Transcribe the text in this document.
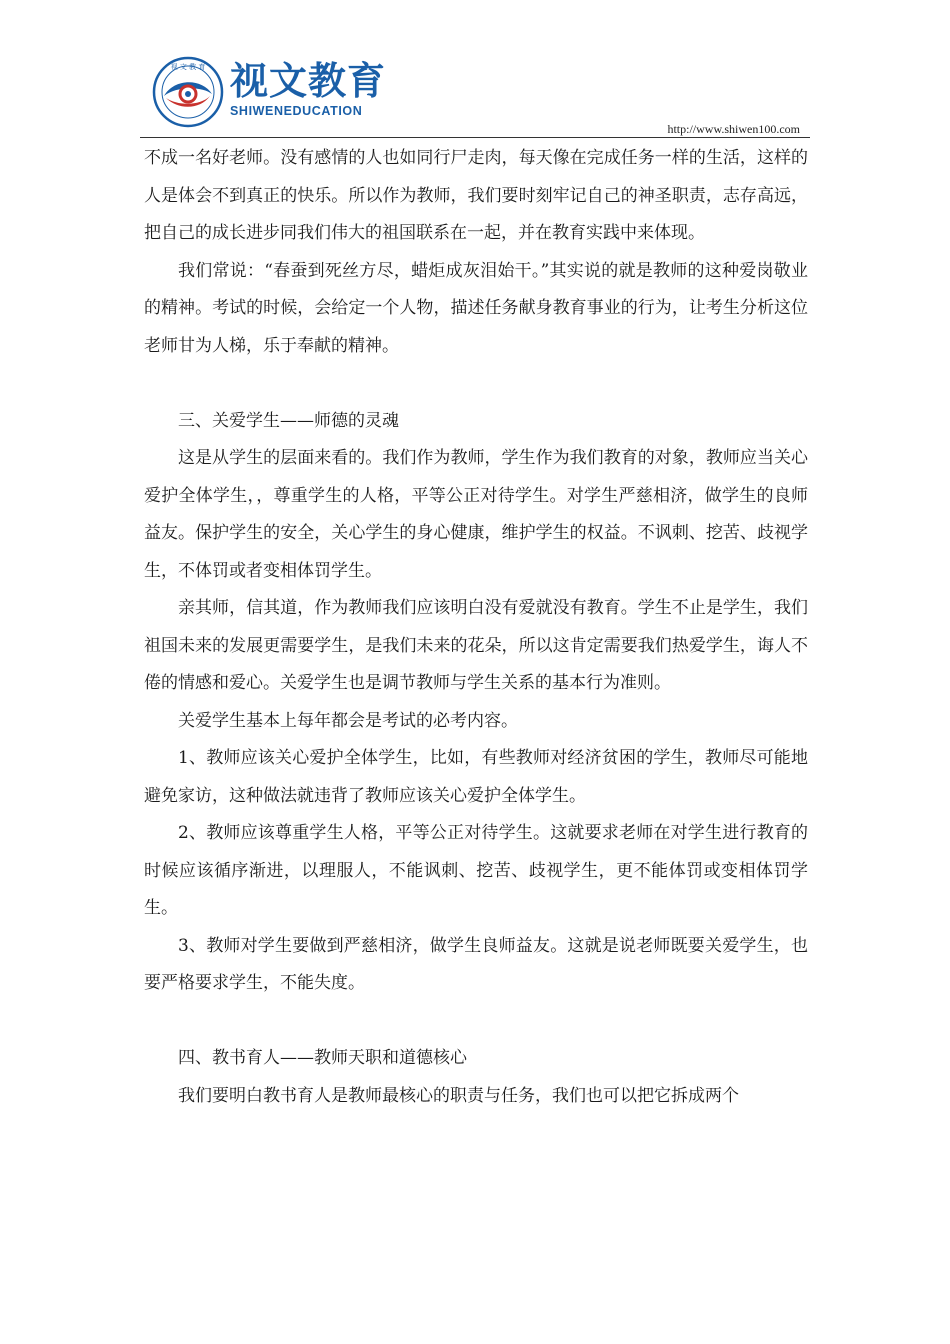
视 文 教 育 视文教育
SHIWENEDUCATION
http://www.shiwen100.com

不成一名好老师。没有感情的人也如同行尸走肉，每天像在完成任务一样的生活，这样的人是体会不到真正的快乐。所以作为教师，我们要时刻牢记自己的神圣职责，志存高远，把自己的成长进步同我们伟大的祖国联系在一起，并在教育实践中来体现。

我们常说：“春蚕到死丝方尽，蜡炬成灰泪始干。”其实说的就是教师的这种爱岗敬业的精神。考试的时候，会给定一个人物，描述任务献身教育事业的行为，让考生分析这位老师甘为人梯，乐于奉献的精神。

三、关爱学生——师德的灵魂

这是从学生的层面来看的。我们作为教师，学生作为我们教育的对象，教师应当关心爱护全体学生，，尊重学生的人格，平等公正对待学生。对学生严慈相济，做学生的良师益友。保护学生的安全，关心学生的身心健康，维护学生的权益。不讽刺、挖苦、歧视学生，不体罚或者变相体罚学生。

亲其师，信其道，作为教师我们应该明白没有爱就没有教育。学生不止是学生，我们祖国未来的发展更需要学生，是我们未来的花朵，所以这肯定需要我们热爱学生，诲人不倦的情感和爱心。关爱学生也是调节教师与学生关系的基本行为准则。

关爱学生基本上每年都会是考试的必考内容。

1、教师应该关心爱护全体学生，比如，有些教师对经济贫困的学生，教师尽可能地避免家访，这种做法就违背了教师应该关心爱护全体学生。

2、教师应该尊重学生人格，平等公正对待学生。这就要求老师在对学生进行教育的时候应该循序渐进，以理服人，不能讽刺、挖苦、歧视学生，更不能体罚或变相体罚学生。

3、教师对学生要做到严慈相济，做学生良师益友。这就是说老师既要关爱学生，也要严格要求学生，不能失度。

四、教书育人——教师天职和道德核心

我们要明白教书育人是教师最核心的职责与任务，我们也可以把它拆成两个
